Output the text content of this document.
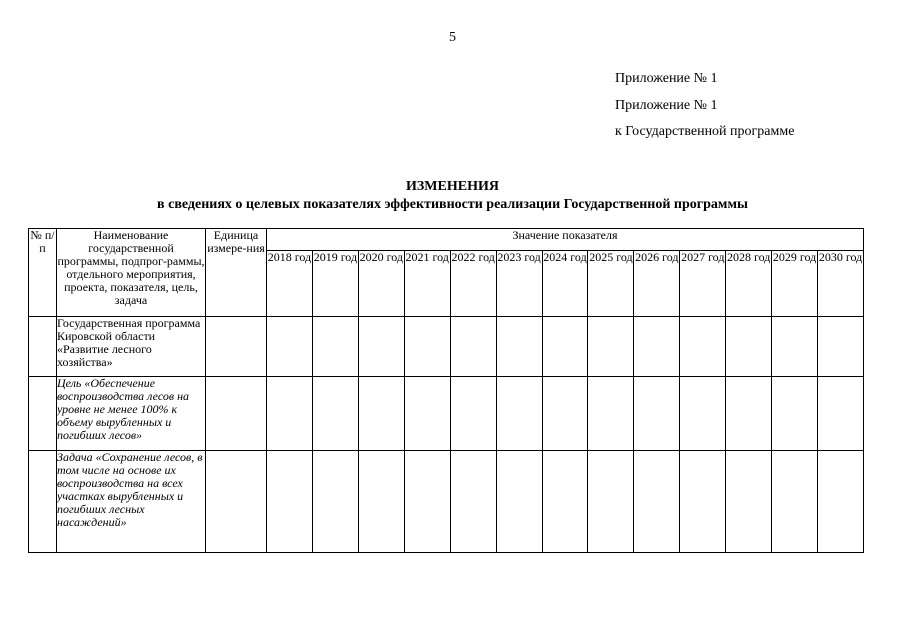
5
Приложение № 1
Приложение № 1
к Государственной программе
ИЗМЕНЕНИЯ
в сведениях о целевых показателях эффективности реализации Государственной программы
№ п/п	Наименование государственной программы, подпрог-раммы, отдельного мероприятия, проекта, показателя, цель, задача	Единица измере-ния	Значение показателя												
			2018 год	2019 год	2020 год	2021 год	2022 год	2023 год	2024 год	2025 год	2026 год	2027 год	2028 год	2029 год	2030 год
	Государственная программа Кировской области «Развитие лесного хозяйства»														
	Цель «Обеспечение воспроизводства лесов на уровне не менее 100% к объему вырубленных и погибших лесов»														
	Задача «Сохранение лесов, в том числе на основе их воспроизводства на всех участках вырубленных и погибших лесных насаждений»														
